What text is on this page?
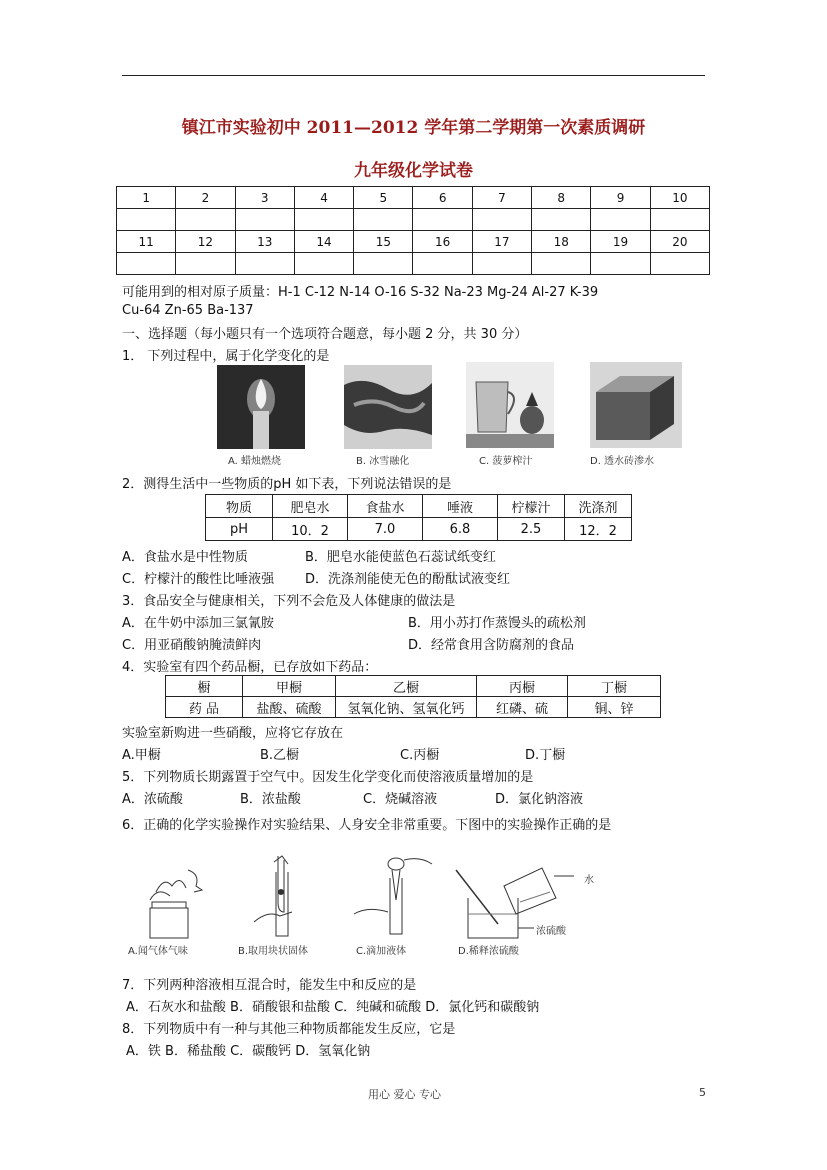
镇江市实验初中 2011—2012 学年第二学期第一次素质调研
九年级化学试卷
1	2	3	4	5	6	7	8	9	10

11	12	13	14	15	16	17	18	19	20

可能用到的相对原子质量：H-1 C-12 N-14 O-16 S-32 Na-23 Mg-24 Al-27 K-39
Cu-64 Zn-65 Ba-137
一、选择题（每小题只有一个选项符合题意，每小题 2 分，共 30 分）
1． 下列过程中，属于化学变化的是
A. 蜡烛燃烧	B. 冰雪融化	C. 菠萝榨汁	D. 透水砖渗水
2．测得生活中一些物质的pH 如下表，下列说法错误的是
物质	肥皂水	食盐水	唾液	柠檬汁	洗涤剂
pH	10．2	7.0	6.8	2.5	12．2
A．食盐水是中性物质	B．肥皂水能使蓝色石蕊试纸变红
C．柠檬汁的酸性比唾液强 D．洗涤剂能使无色的酚酞试液变红
3．食品安全与健康相关，下列不会危及人体健康的做法是
A．在牛奶中添加三氯氰胺	B．用小苏打作蒸馒头的疏松剂
C．用亚硝酸钠腌渍鲜肉	D．经常食用含防腐剂的食品
4．实验室有四个药品橱，已存放如下药品：
橱	甲橱	乙橱	丙橱	丁橱
药 品	盐酸、硫酸	氢氧化钠、氢氧化钙	红磷、硫	铜、锌
实验室新购进一些硝酸，应将它存放在
A.甲橱	B.乙橱	C.丙橱	D.丁橱
5．下列物质长期露置于空气中。因发生化学变化而使溶液质量增加的是
A．浓硫酸	B．浓盐酸	C．烧碱溶液	D．氯化钠溶液
6．正确的化学实验操作对实验结果、人身安全非常重要。下图中的实验操作正确的是
A.闻气体气味	B.取用块状固体	C.滴加液体
水
浓硫酸
D.稀释浓硫酸
7．下列两种溶液相互混合时，能发生中和反应的是
A．石灰水和盐酸 B．硝酸银和盐酸 C．纯碱和硫酸 D．氯化钙和碳酸钠
8．下列物质中有一种与其他三种物质都能发生反应，它是
A．铁 B．稀盐酸 C．碳酸钙 D．氢氧化钠
用心 爱心 专心	5
